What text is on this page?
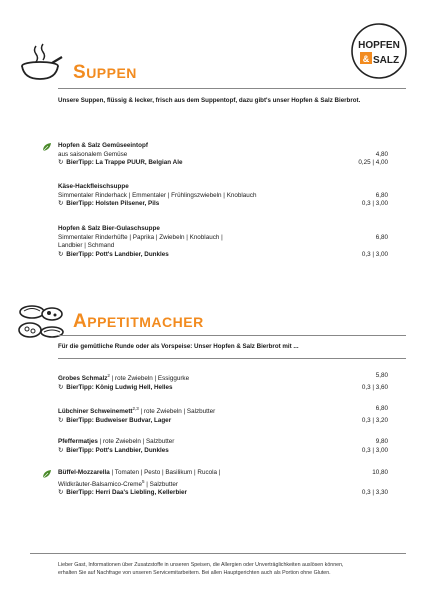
HOPFEN
& SALZ
SUPPEN
Unsere Suppen, flüssig & lecker, frisch aus dem Suppentopf, dazu gibt's unser Hopfen & Salz Bierbrot.
Hopfen & Salz Gemüseeintopf
aus saisonalem Gemüse	4,80
↻ BierTipp: La Trappe PUUR, Belgian Ale	0,25 | 4,00
Käse-Hackfleischsuppe
Simmentaler Rinderhack | Emmentaler | Frühlingszwiebeln | Knoblauch	6,80
↻ BierTipp: Holsten Pilsener, Pils	0,3 | 3,00
Hopfen & Salz Bier-Gulaschsuppe
Simmentaler Rinderhüfte | Paprika | Zwiebeln | Knoblauch |	6,80
Landbier | Schmand
↻ BierTipp: Pott's Landbier, Dunkles	0,3 | 3,00
APPETITMACHER
Für die gemütliche Runde oder als Vorspeise: Unser Hopfen & Salz Bierbrot mit ...
Grobes Schmalz$^2$ | rote Zwiebeln | Essiggurke	5,80
↻ BierTipp: König Ludwig Hell, Helles	0,3 | 3,60
Lübchiner Schweinemett$^{2,3}$ | rote Zwiebeln | Salzbutter	6,80
↻ BierTipp: Budweiser Budvar, Lager	0,3 | 3,20
Pfeffermatjes | rote Zwiebeln | Salzbutter	9,80
↻ BierTipp: Pott's Landbier, Dunkles	0,3 | 3,00
Büffel-Mozzarella | Tomaten | Pesto | Basilikum | Rucola |	10,80
Wildkräuter-Balsamico-Creme$^5$ | Salzbutter
↻ BierTipp: Herri Daa's Liebling, Kellerbier	0,3 | 3,30
Lieber Gast, Informationen über Zusatzstoffe in unseren Speisen, die Allergien oder Unverträglichkeiten auslösen können,
erhalten Sie auf Nachfrage von unseren Servicemitarbeitern. Bei allen Hauptgerichten auch als Portion ohne Gluten.
